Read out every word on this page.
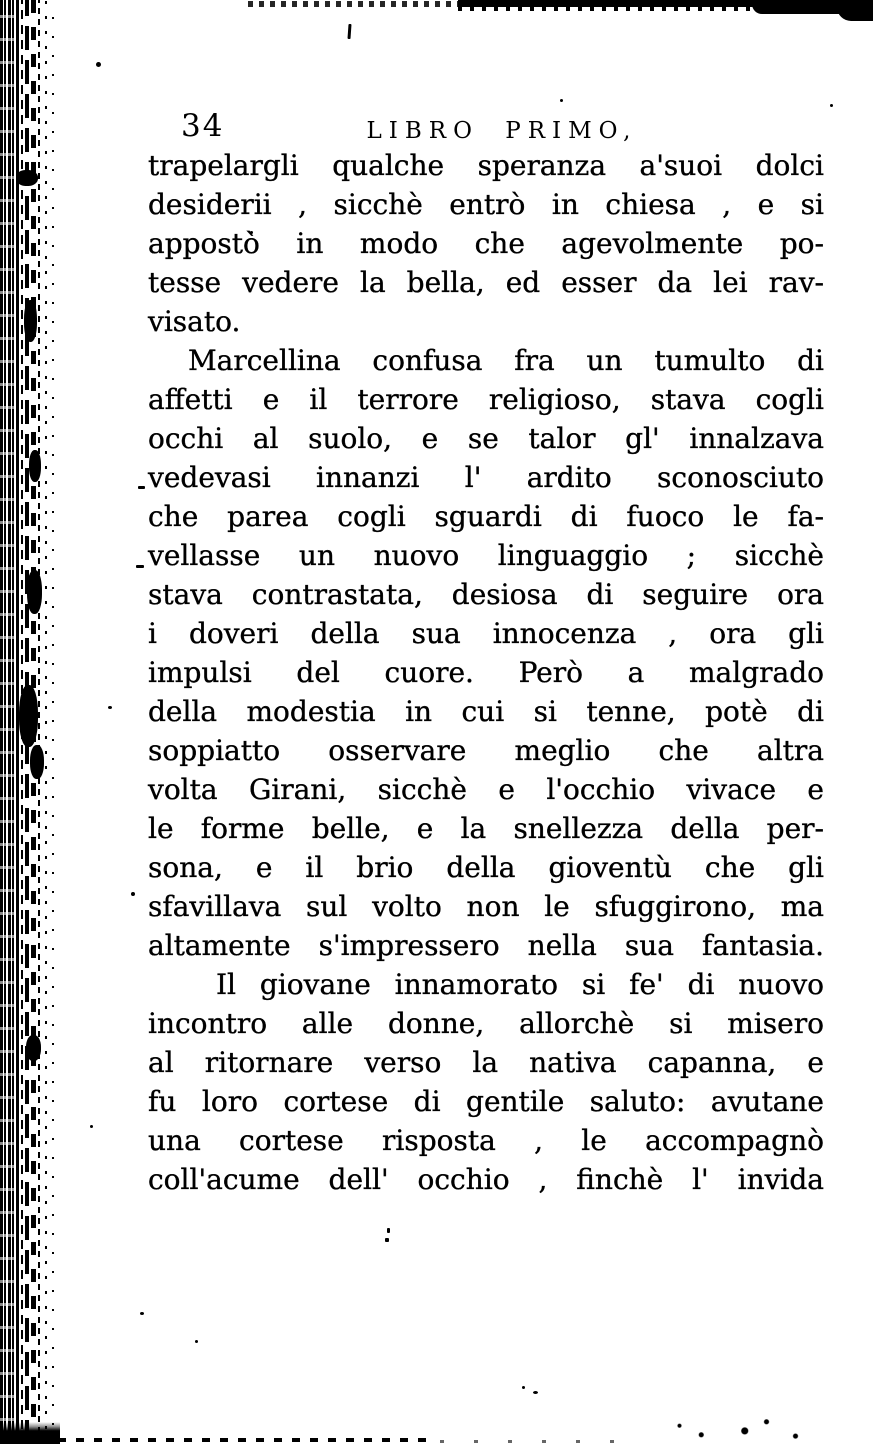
34	LIBRO PRIMO,
trapelargli qualche speranza a'suoi dolci
desiderii , sicchè entrò in chiesa , e si
appostò in modo che agevolmente po-
tesse vedere la bella, ed esser da lei rav-
visato.
Marcellina confusa fra un tumulto di
affetti e il terrore religioso, stava cogli
occhi al suolo, e se talor gl' innalzava
vedevasi innanzi l' ardito sconosciuto
che parea cogli sguardi di fuoco le fa-
vellasse un nuovo linguaggio ; sicchè
stava contrastata, desiosa di seguire ora
i doveri della sua innocenza , ora gli
impulsi del cuore. Però a malgrado
della modestia in cui si tenne, potè di
soppiatto osservare meglio che altra
volta Girani, sicchè e l'occhio vivace e
le forme belle, e la snellezza della per-
sona, e il brio della gioventù che gli
sfavillava sul volto non le sfuggirono, ma
altamente s'impressero nella sua fantasia.
Il giovane innamorato si fe' di nuovo
incontro alle donne, allorchè si misero
al ritornare verso la nativa capanna, e
fu loro cortese di gentile saluto: avutane
una cortese risposta , le accompagnò
coll'acume dell' occhio , finchè l' invida
